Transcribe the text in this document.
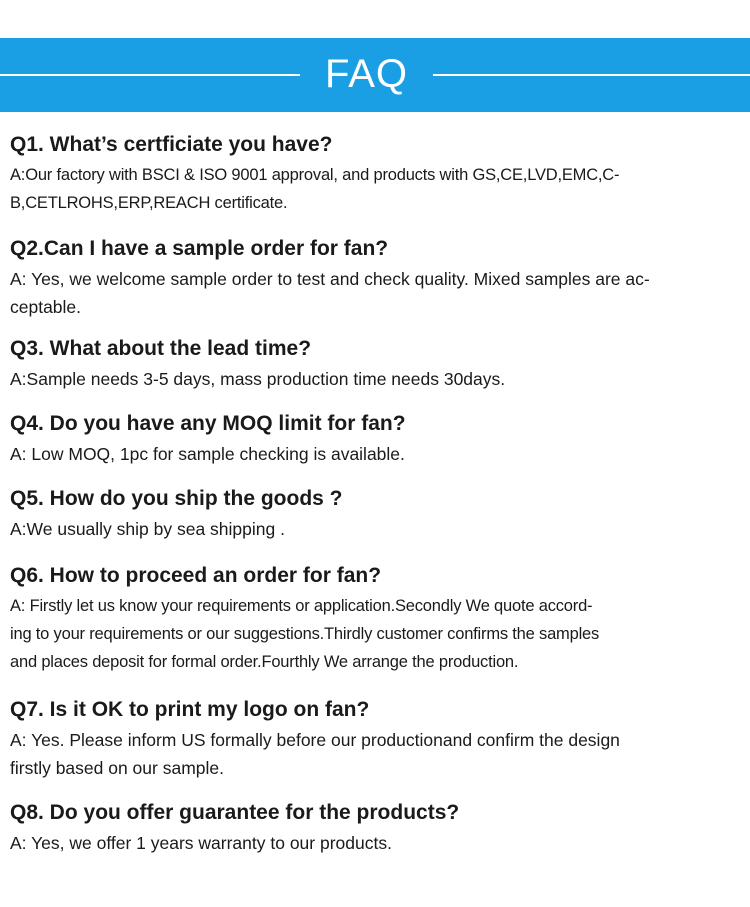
FAQ
Q1. What’s certficiate you have?
A:Our factory with BSCI & ISO 9001 approval, and products with GS,CE,LVD,EMC,C-
B,CETLROHS,ERP,REACH certificate.
Q2.Can I have a sample order for fan?
A: Yes, we welcome sample order to test and check quality. Mixed samples are ac-
ceptable.
Q3. What about the lead time?
A:Sample needs 3-5 days, mass production time needs 30days.
Q4. Do you have any MOQ limit for fan?
A: Low MOQ, 1pc for sample checking is available.
Q5. How do you ship the goods ?
A:We usually ship by sea shipping .
Q6. How to proceed an order for fan?
A: Firstly let us know your requirements or application.Secondly We quote accord-
ing to your requirements or our suggestions.Thirdly customer confirms the samples
and places deposit for formal order.Fourthly We arrange the production.
Q7. Is it OK to print my logo on fan?
A: Yes. Please inform US formally before our productionand confirm the design
firstly based on our sample.
Q8. Do you offer guarantee for the products?
A: Yes, we offer 1 years warranty to our products.
